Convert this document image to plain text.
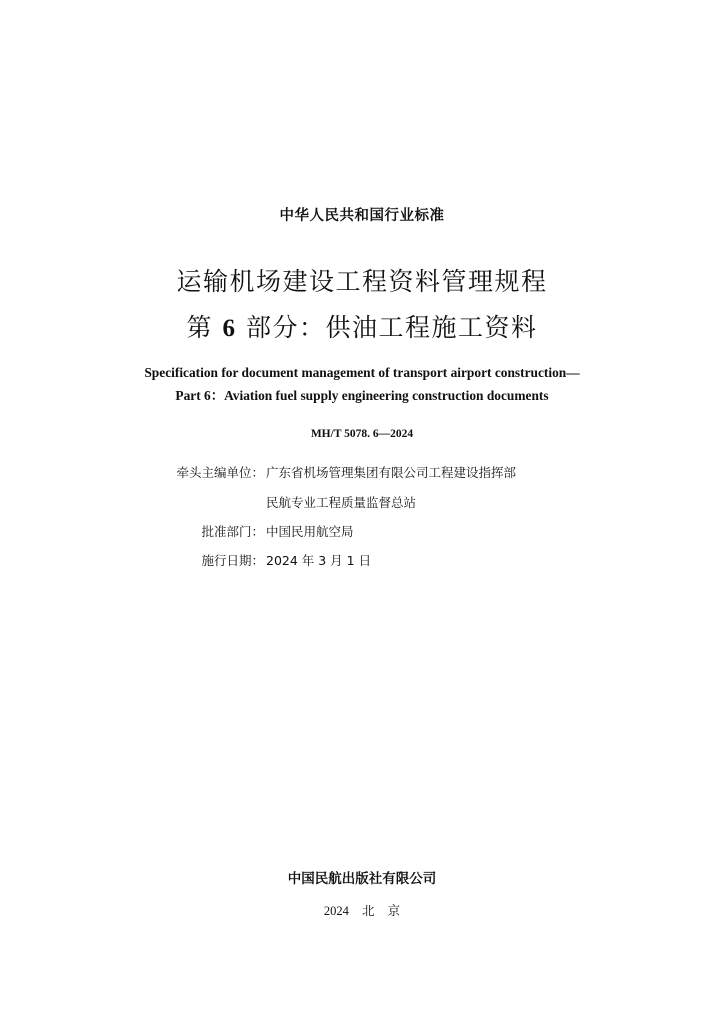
中华人民共和国行业标准
运输机场建设工程资料管理规程
第 6 部分：供油工程施工资料
Specification for document management of transport airport construction—
Part 6：Aviation fuel supply engineering construction documents
MH/T 5078. 6—2024
牵头主编单位： 广东省机场管理集团有限公司工程建设指挥部
民航专业工程质量监督总站
批准部门： 中国民用航空局
施行日期： 2024 年 3 月 1 日
中国民航出版社有限公司
2024 北 京
